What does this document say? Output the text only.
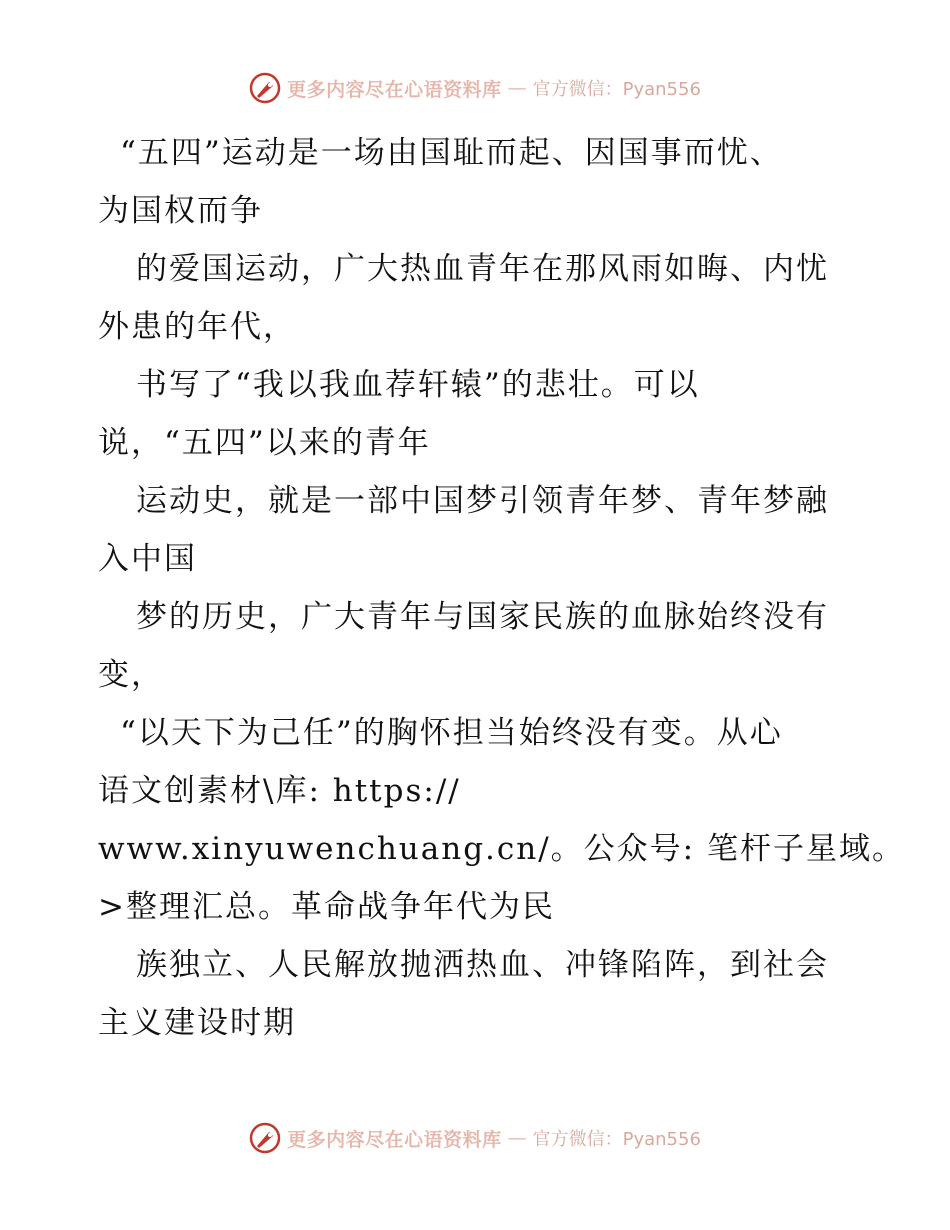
更多内容尽在心语资料库 — 官方微信：Pyan556
“五四”运动是一场由国耻而起、因国事而忧、
为国权而争
的爱国运动，广大热血青年在那风雨如晦、内忧
外患的年代，
书写了“我以我血荐轩辕”的悲壮。可以
说，“五四”以来的青年
运动史，就是一部中国梦引领青年梦、青年梦融
入中国
梦的历史，广大青年与国家民族的血脉始终没有
变，
“以天下为己任”的胸怀担当始终没有变。从心
语文创素材\库: https://
www.xinyuwenchuang.cn/。公众号: 笔杆子星域。
>整理汇总。革命战争年代为民
族独立、人民解放抛洒热血、冲锋陷阵，到社会
主义建设时期
更多内容尽在心语资料库 — 官方微信：Pyan556
